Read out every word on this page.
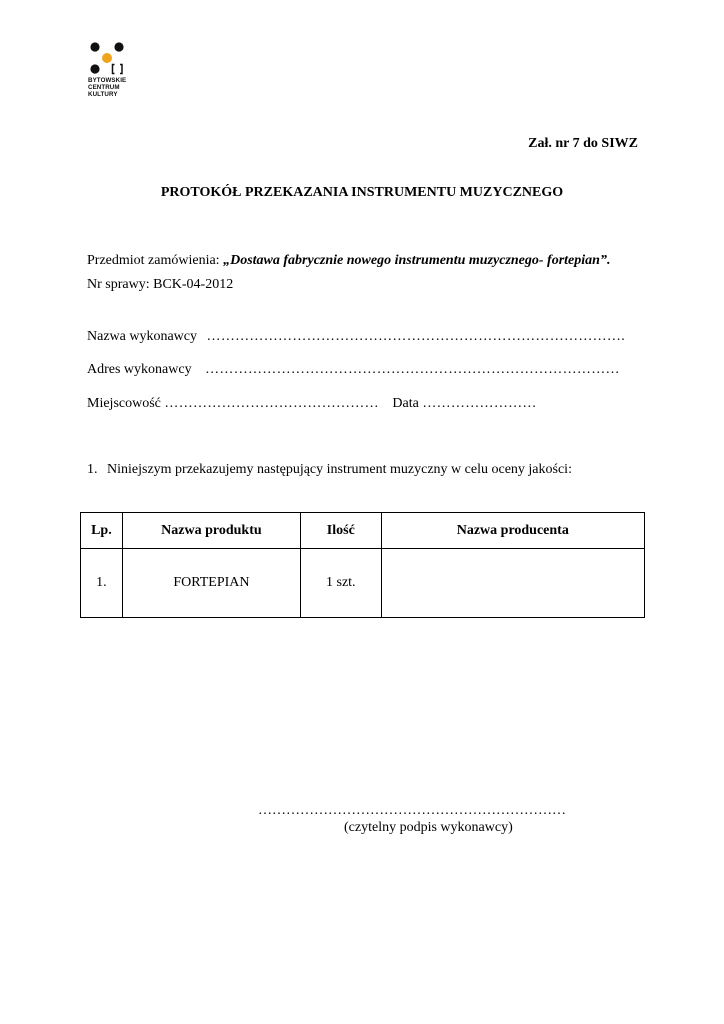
BYTOWSKIE
CENTRUM
KULTURY
Zał. nr 7 do SIWZ
PROTOKÓŁ PRZEKAZANIA INSTRUMENTU MUZYCZNEGO
Przedmiot zamówienia: „Dostawa fabrycznie nowego instrumentu muzycznego- fortepian”.
Nr sprawy: BCK-04-2012
Nazwa wykonawcy …………………………………………………………………………….
Adres wykonawcy ……………………………………………………………………………
Miejscowość ……………………………………… Data ……………………
1. Niniejszym przekazujemy następujący instrument muzyczny w celu oceny jakości:
Lp.	Nazwa produktu	Ilość	Nazwa producenta
1.	FORTEPIAN	1 szt.	
…………………………………………………………
(czytelny podpis wykonawcy)
